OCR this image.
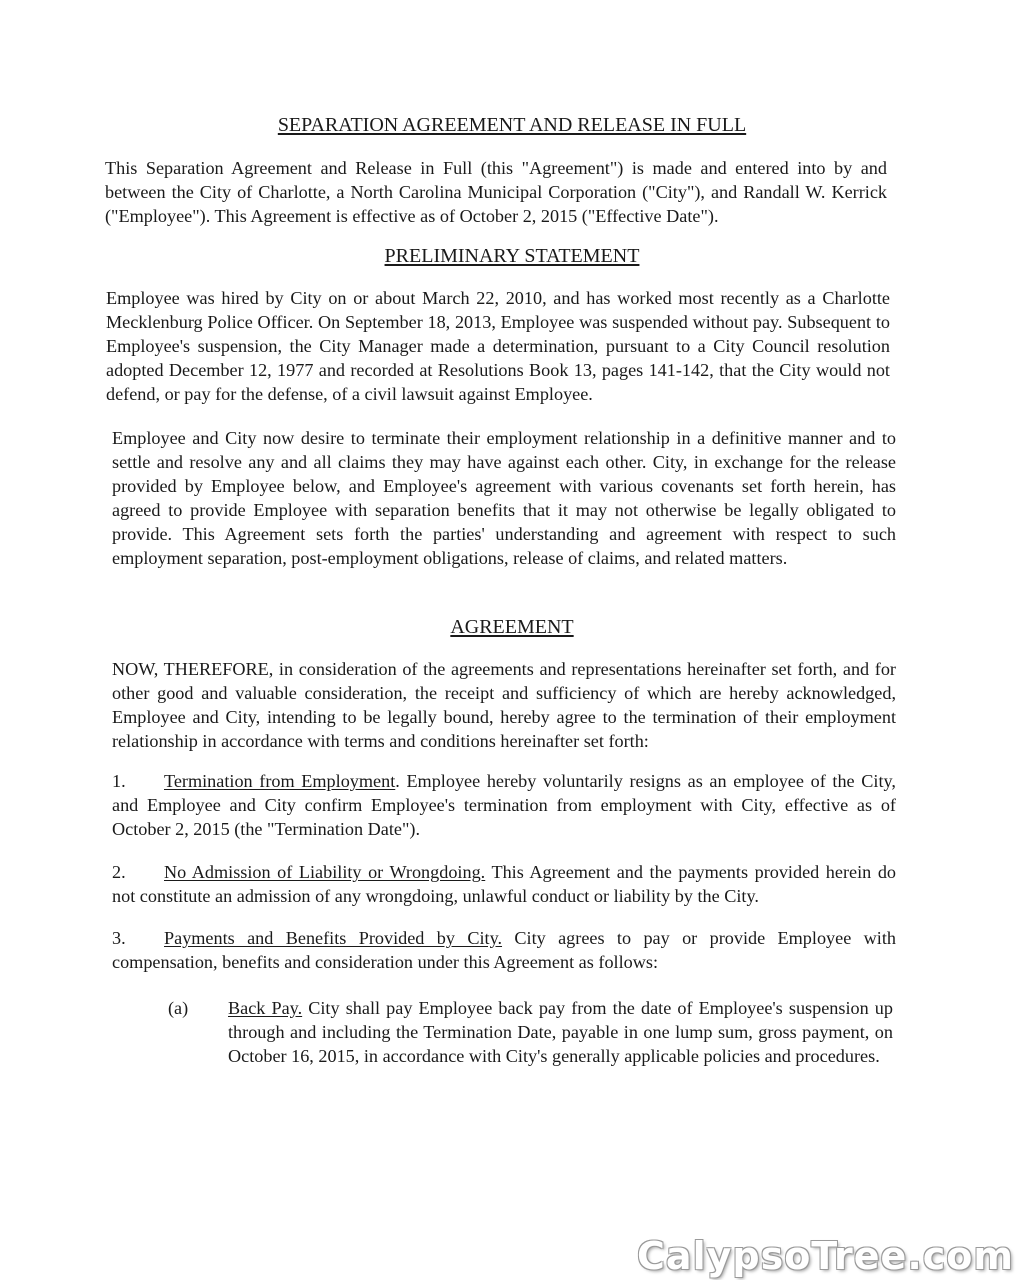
SEPARATION AGREEMENT AND RELEASE IN FULL
This Separation Agreement and Release in Full (this "Agreement") is made and entered into by and between the City of Charlotte, a North Carolina Municipal Corporation ("City"), and Randall W. Kerrick ("Employee"). This Agreement is effective as of October 2, 2015 ("Effective Date").
PRELIMINARY STATEMENT
Employee was hired by City on or about March 22, 2010, and has worked most recently as a Charlotte Mecklenburg Police Officer. On September 18, 2013, Employee was suspended without pay. Subsequent to Employee's suspension, the City Manager made a determination, pursuant to a City Council resolution adopted December 12, 1977 and recorded at Resolutions Book 13, pages 141-142, that the City would not defend, or pay for the defense, of a civil lawsuit against Employee.
Employee and City now desire to terminate their employment relationship in a definitive manner and to settle and resolve any and all claims they may have against each other. City, in exchange for the release provided by Employee below, and Employee's agreement with various covenants set forth herein, has agreed to provide Employee with separation benefits that it may not otherwise be legally obligated to provide. This Agreement sets forth the parties' understanding and agreement with respect to such employment separation, post-employment obligations, release of claims, and related matters.
AGREEMENT
NOW, THEREFORE, in consideration of the agreements and representations hereinafter set forth, and for other good and valuable consideration, the receipt and sufficiency of which are hereby acknowledged, Employee and City, intending to be legally bound, hereby agree to the termination of their employment relationship in accordance with terms and conditions hereinafter set forth:
1. Termination from Employment. Employee hereby voluntarily resigns as an employee of the City, and Employee and City confirm Employee's termination from employment with City, effective as of October 2, 2015 (the "Termination Date").
2. No Admission of Liability or Wrongdoing. This Agreement and the payments provided herein do not constitute an admission of any wrongdoing, unlawful conduct or liability by the City.
3. Payments and Benefits Provided by City. City agrees to pay or provide Employee with compensation, benefits and consideration under this Agreement as follows:
(a) Back Pay. City shall pay Employee back pay from the date of Employee's suspension up through and including the Termination Date, payable in one lump sum, gross payment, on October 16, 2015, in accordance with City's generally applicable policies and procedures.
CalypsoTree.com
